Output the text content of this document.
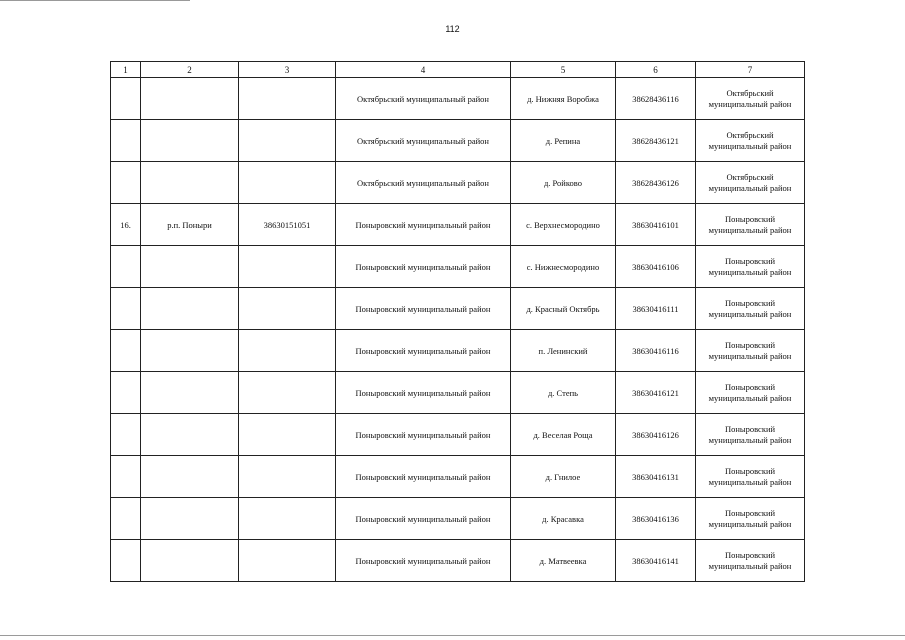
112
1	2	3	4	5	6	7
			Октябрьский муниципальный район	д. Нижняя Воробжа	38628436116	Октябрьский муниципальный район
			Октябрьский муниципальный район	д. Репина	38628436121	Октябрьский муниципальный район
			Октябрьский муниципальный район	д. Ройково	38628436126	Октябрьский муниципальный район
16.	р.п. Поныри	38630151051	Поныровский муниципальный район	с. Верхнесмородино	38630416101	Поныровский муниципальный район
			Поныровский муниципальный район	с. Нижнесмородино	38630416106	Поныровский муниципальный район
			Поныровский муниципальный район	д. Красный Октябрь	38630416111	Поныровский муниципальный район
			Поныровский муниципальный район	п. Ленинский	38630416116	Поныровский муниципальный район
			Поныровский муниципальный район	д. Степь	38630416121	Поныровский муниципальный район
			Поныровский муниципальный район	д. Веселая Роща	38630416126	Поныровский муниципальный район
			Поныровский муниципальный район	д. Гнилое	38630416131	Поныровский муниципальный район
			Поныровский муниципальный район	д. Красавка	38630416136	Поныровский муниципальный район
			Поныровский муниципальный район	д. Матвеевка	38630416141	Поныровский муниципальный район
